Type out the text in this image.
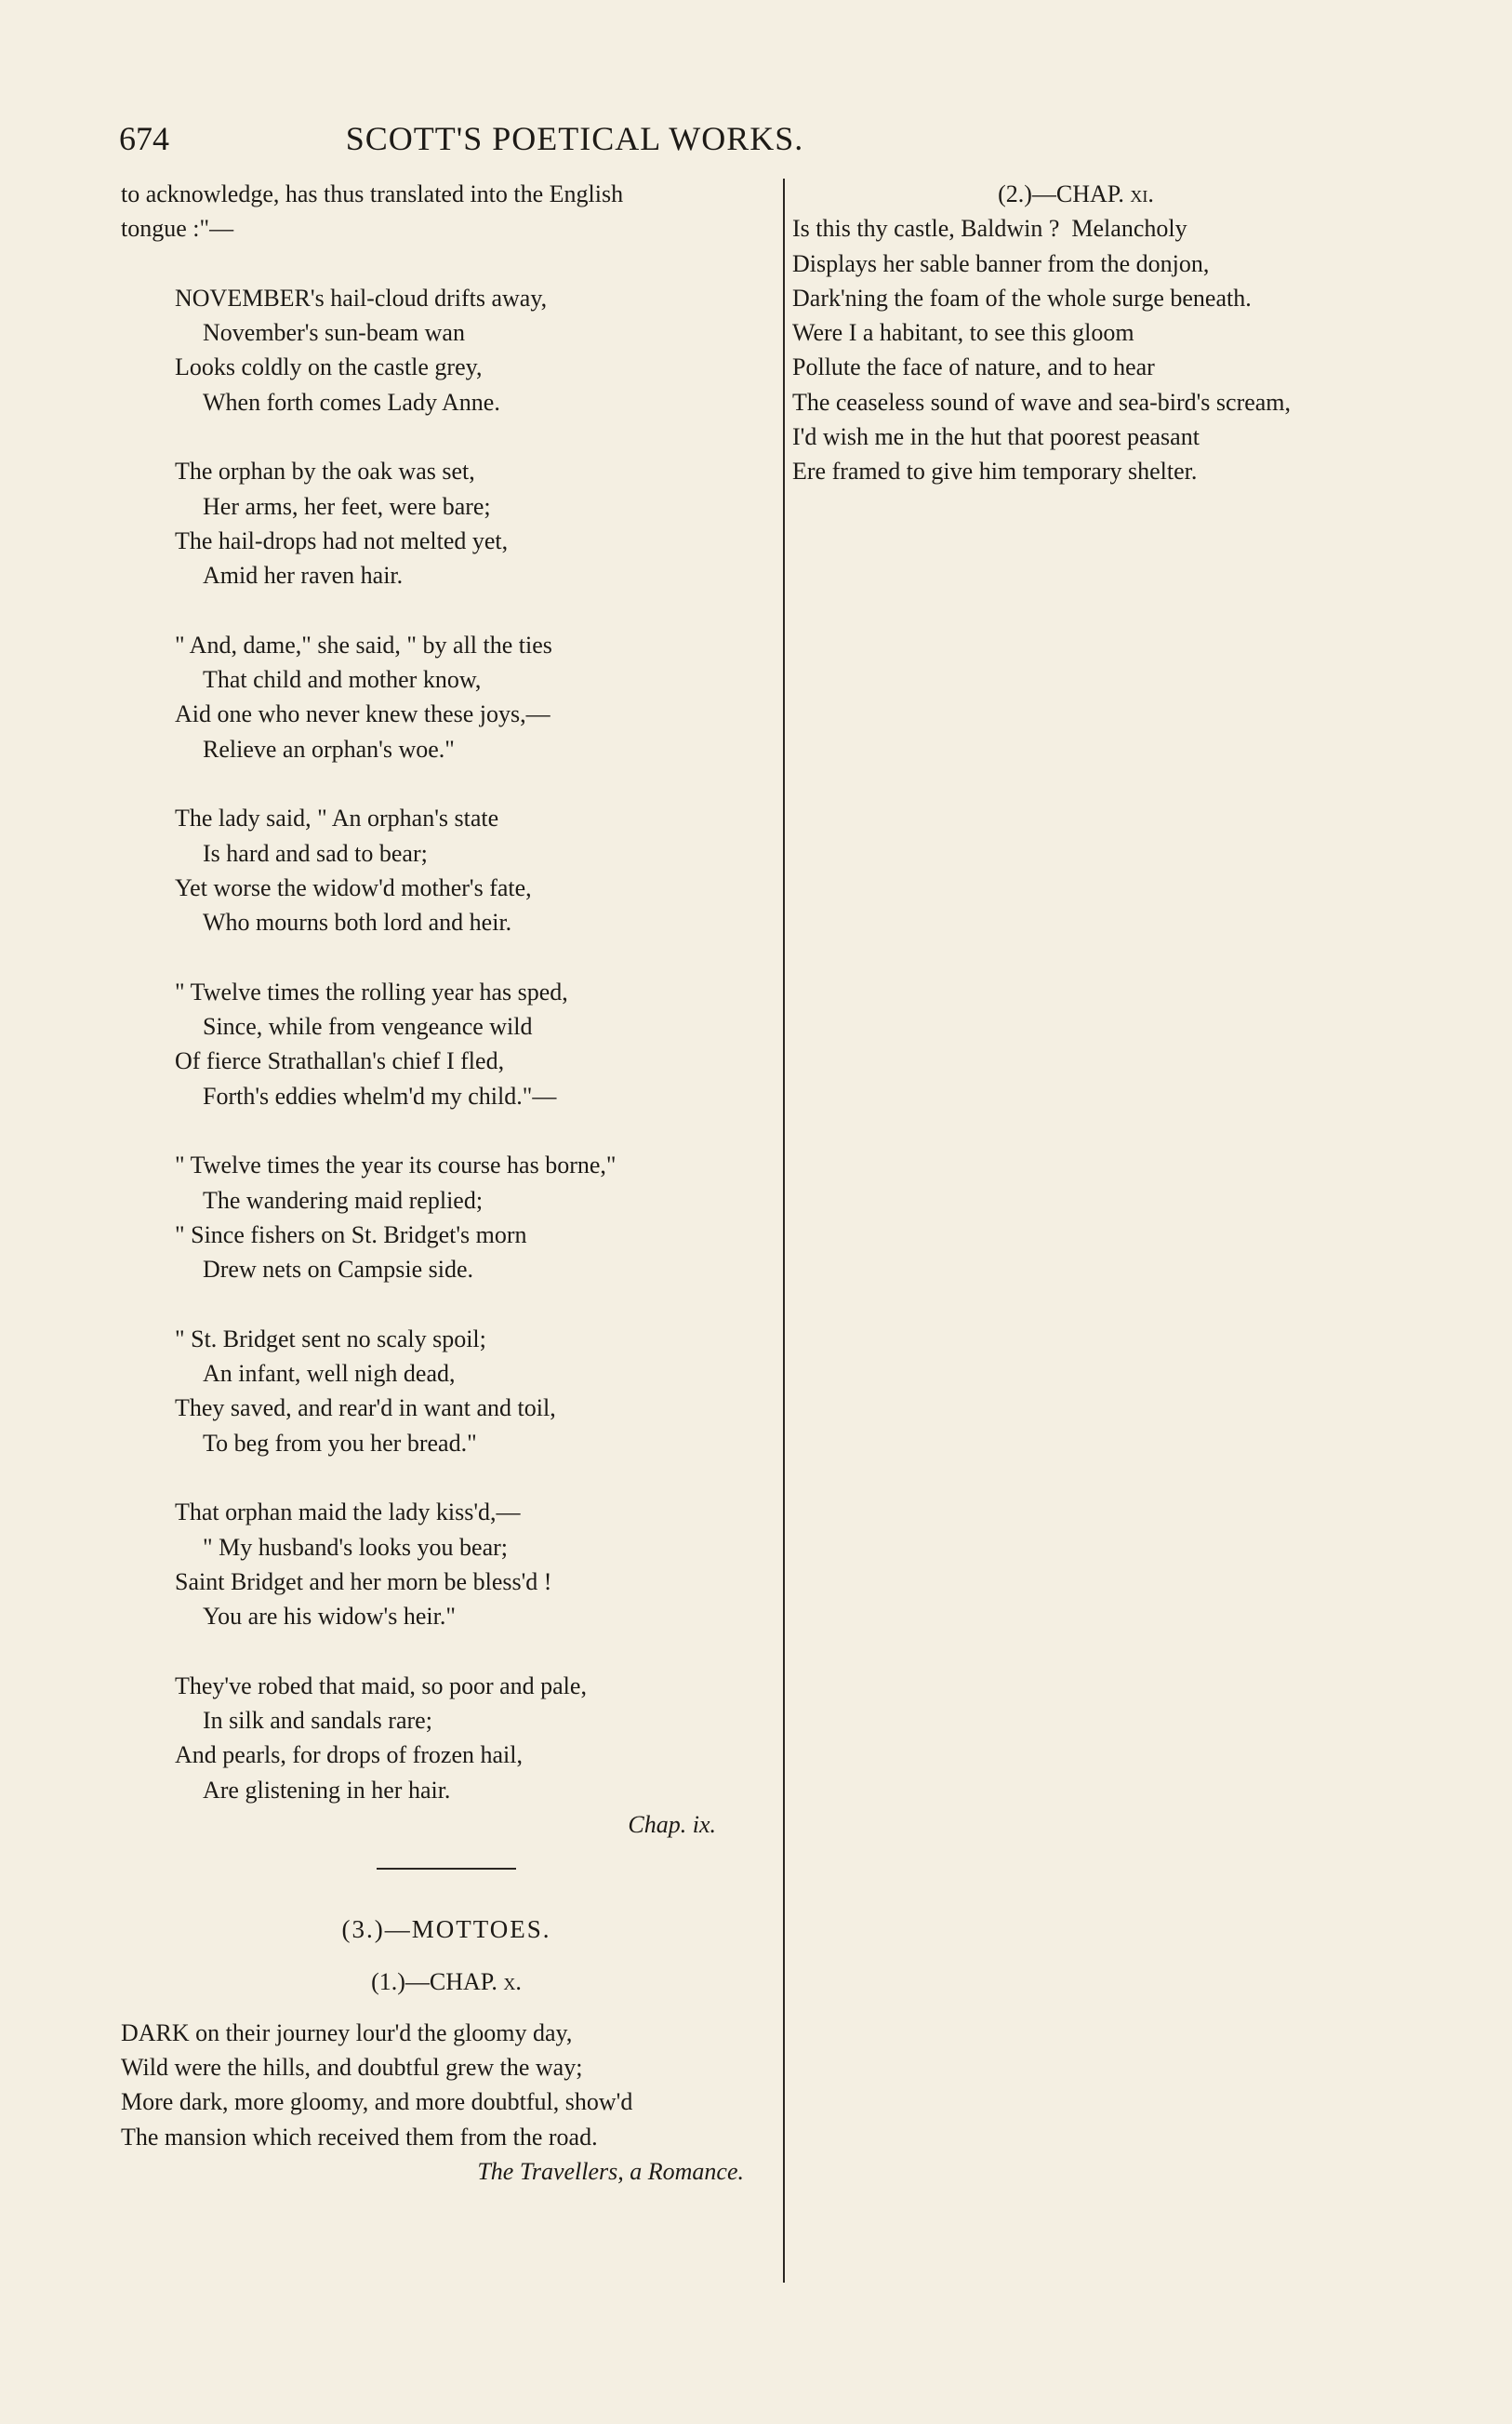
674	SCOTT'S POETICAL WORKS.
to acknowledge, has thus translated into the English
tongue :"—
NOVEMBER's hail-cloud drifts away,
November's sun-beam wan
Looks coldly on the castle grey,
When forth comes Lady Anne.
The orphan by the oak was set,
Her arms, her feet, were bare;
The hail-drops had not melted yet,
Amid her raven hair.
" And, dame," she said, " by all the ties
That child and mother know,
Aid one who never knew these joys,—
Relieve an orphan's woe."
The lady said, " An orphan's state
Is hard and sad to bear;
Yet worse the widow'd mother's fate,
Who mourns both lord and heir.
" Twelve times the rolling year has sped,
Since, while from vengeance wild
Of fierce Strathallan's chief I fled,
Forth's eddies whelm'd my child."—
" Twelve times the year its course has borne,"
The wandering maid replied;
" Since fishers on St. Bridget's morn
Drew nets on Campsie side.
" St. Bridget sent no scaly spoil;
An infant, well nigh dead,
They saved, and rear'd in want and toil,
To beg from you her bread."
That orphan maid the lady kiss'd,—
" My husband's looks you bear;
Saint Bridget and her morn be bless'd !
You are his widow's heir."
They've robed that maid, so poor and pale,
In silk and sandals rare;
And pearls, for drops of frozen hail,
Are glistening in her hair.
Chap. ix.
(3.)—MOTTOES.
(1.)—CHAP. x.
DARK on their journey lour'd the gloomy day,
Wild were the hills, and doubtful grew the way;
More dark, more gloomy, and more doubtful, show'd
The mansion which received them from the road.
The Travellers, a Romance.
(2.)—CHAP. xi.
Is this thy castle, Baldwin ?  Melancholy
Displays her sable banner from the donjon,
Dark'ning the foam of the whole surge beneath.
Were I a habitant, to see this gloom
Pollute the face of nature, and to hear
The ceaseless sound of wave and sea-bird's scream,
I'd wish me in the hut that poorest peasant
Ere framed to give him temporary shelter.
